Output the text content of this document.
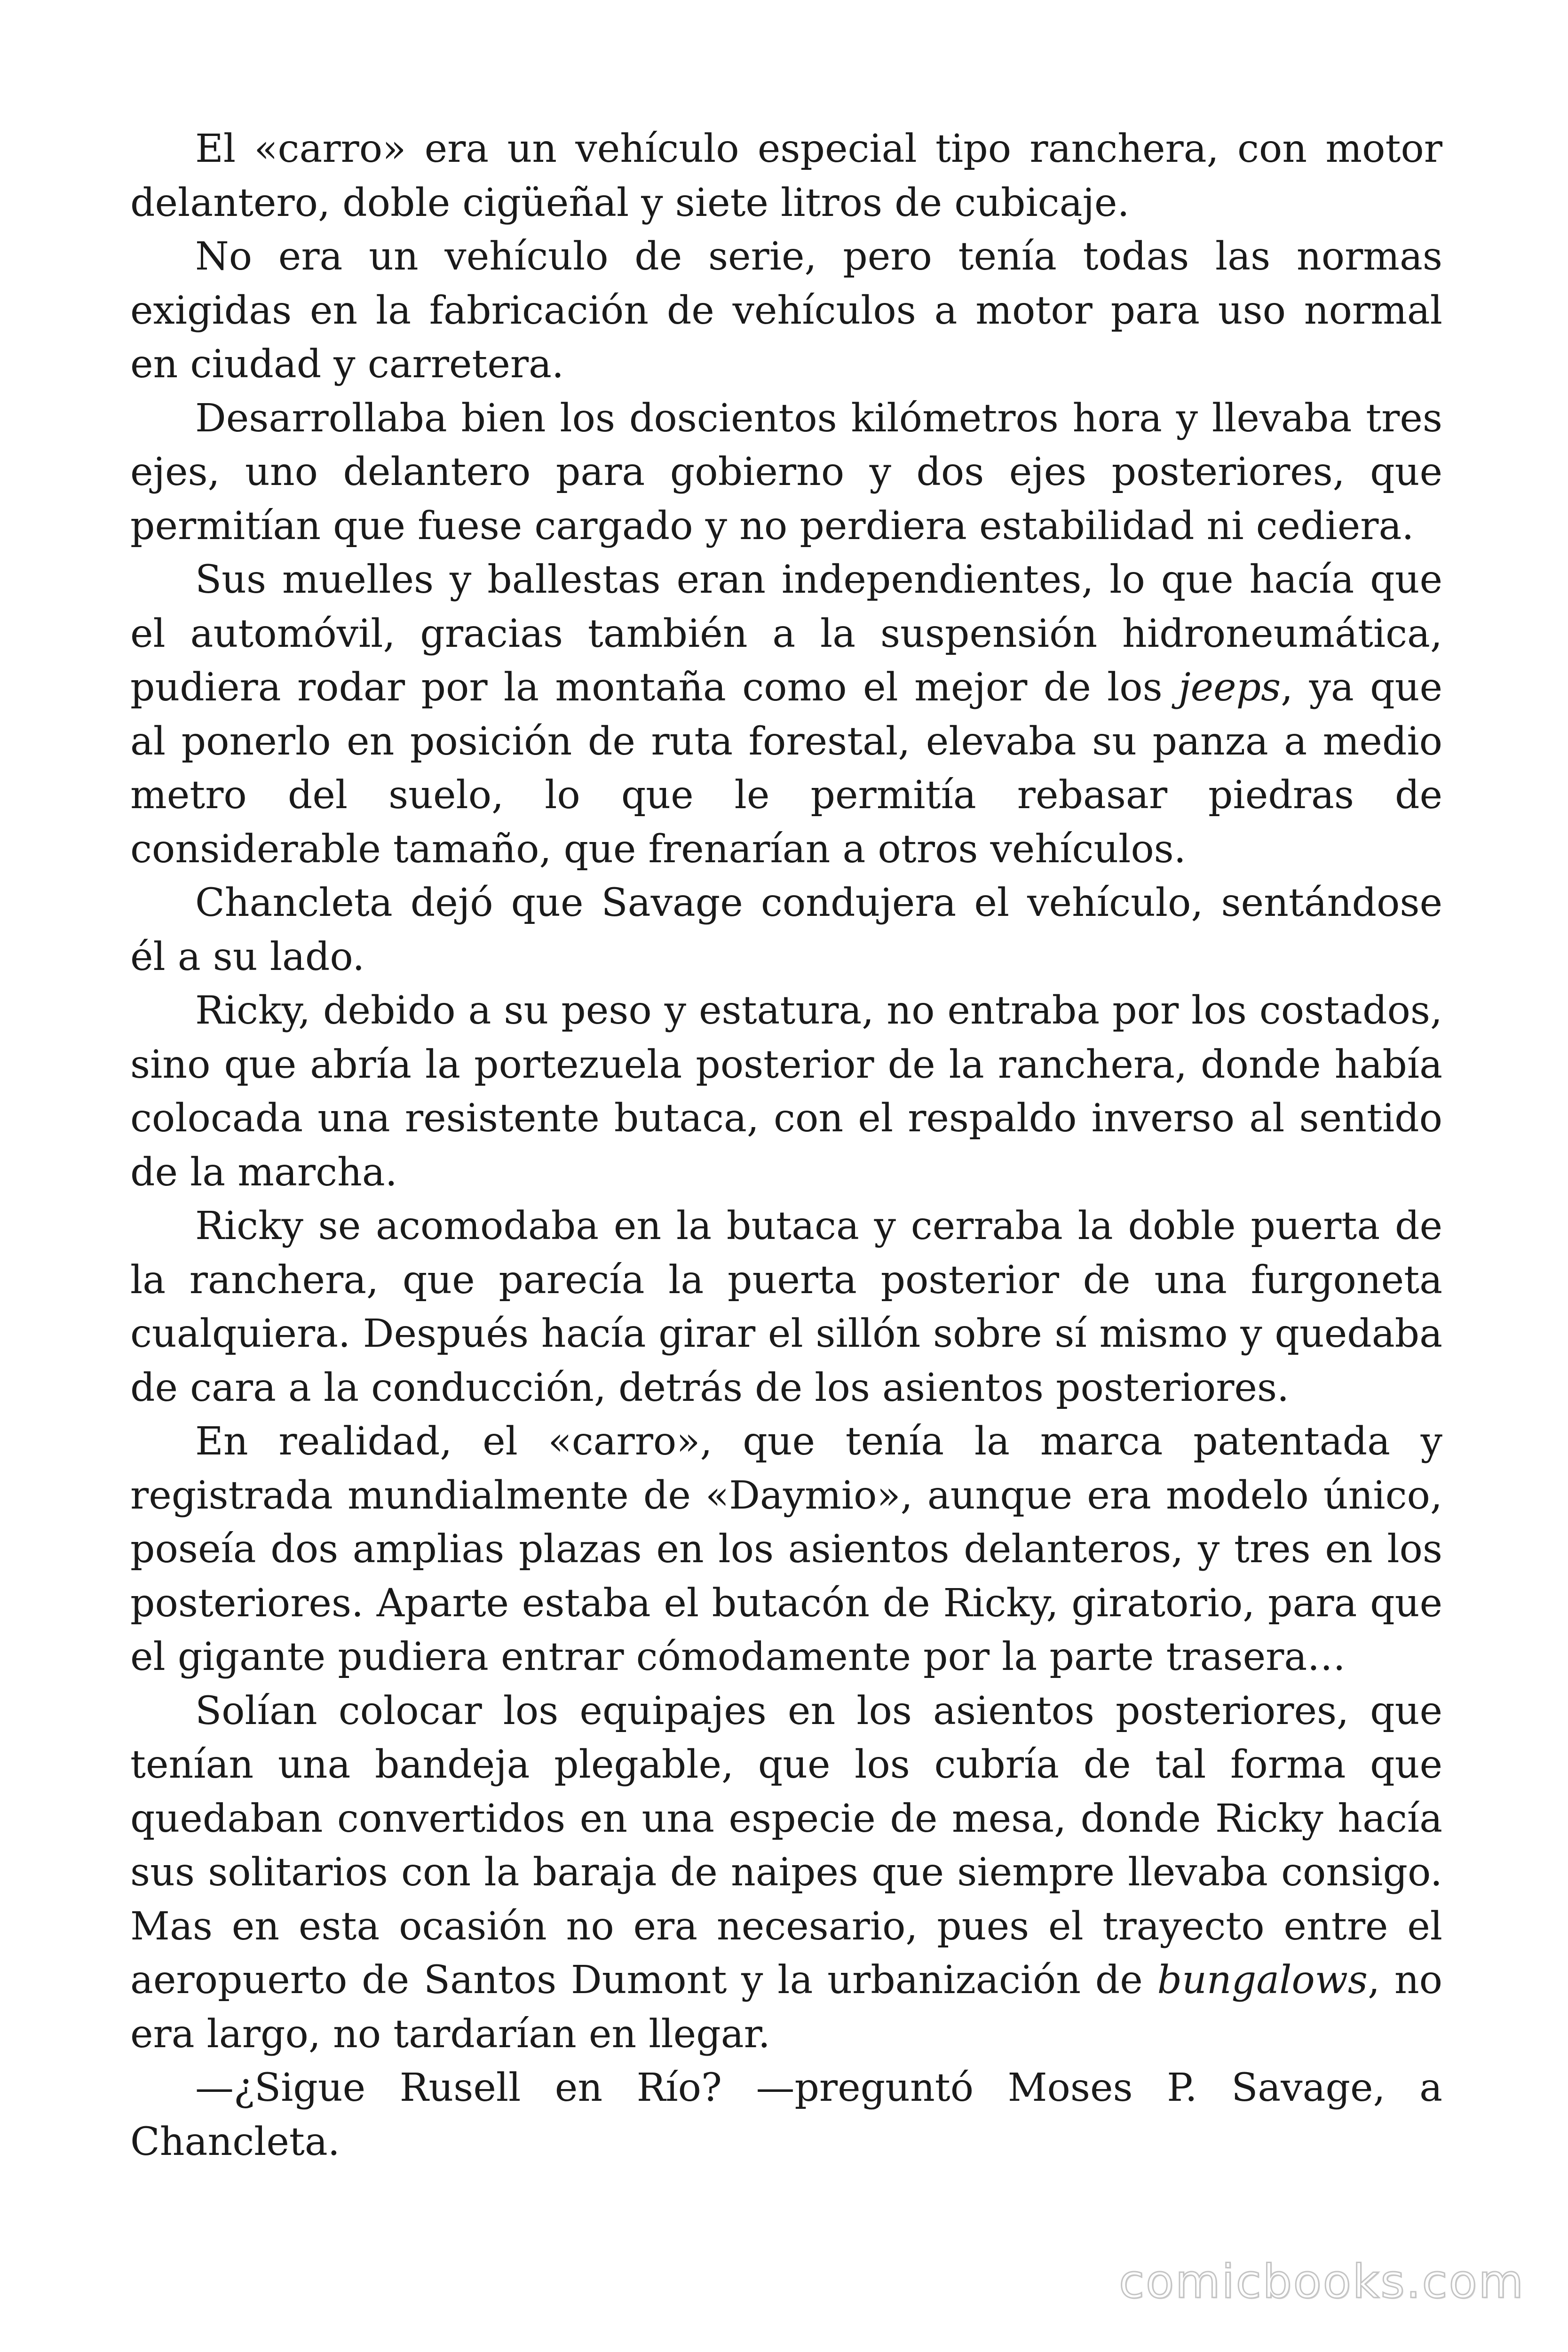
El «carro» era un vehículo especial tipo ranchera, con motor delantero, doble cigüeñal y siete litros de cubicaje.

No era un vehículo de serie, pero tenía todas las normas exigidas en la fabricación de vehículos a motor para uso normal en ciudad y carretera.

Desarrollaba bien los doscientos kilómetros hora y llevaba tres ejes, uno delantero para gobierno y dos ejes posteriores, que permitían que fuese cargado y no perdiera estabilidad ni cediera.

Sus muelles y ballestas eran independientes, lo que hacía que el automóvil, gracias también a la suspensión hidroneumática, pudiera rodar por la montaña como el mejor de los jeeps, ya que al ponerlo en posición de ruta forestal, elevaba su panza a medio metro del suelo, lo que le permitía rebasar piedras de considerable tamaño, que frenarían a otros vehículos.

Chancleta dejó que Savage condujera el vehículo, sentándose él a su lado.

Ricky, debido a su peso y estatura, no entraba por los costados, sino que abría la portezuela posterior de la ranchera, donde había colocada una resistente butaca, con el respaldo inverso al sentido de la marcha.

Ricky se acomodaba en la butaca y cerraba la doble puerta de la ranchera, que parecía la puerta posterior de una furgoneta cualquiera. Después hacía girar el sillón sobre sí mismo y quedaba de cara a la conducción, detrás de los asientos posteriores.

En realidad, el «carro», que tenía la marca patentada y registrada mundialmente de «Daymio», aunque era modelo único, poseía dos amplias plazas en los asientos delanteros, y tres en los posteriores. Aparte estaba el butacón de Ricky, giratorio, para que el gigante pudiera entrar cómodamente por la parte trasera…

Solían colocar los equipajes en los asientos posteriores, que tenían una bandeja plegable, que los cubría de tal forma que quedaban convertidos en una especie de mesa, donde Ricky hacía sus solitarios con la baraja de naipes que siempre llevaba consigo. Mas en esta ocasión no era necesario, pues el trayecto entre el aeropuerto de Santos Dumont y la urbanización de bungalows, no era largo, no tardarían en llegar.

—¿Sigue Rusell en Río? —preguntó Moses P. Savage, a Chancleta.

comicbooks.com
